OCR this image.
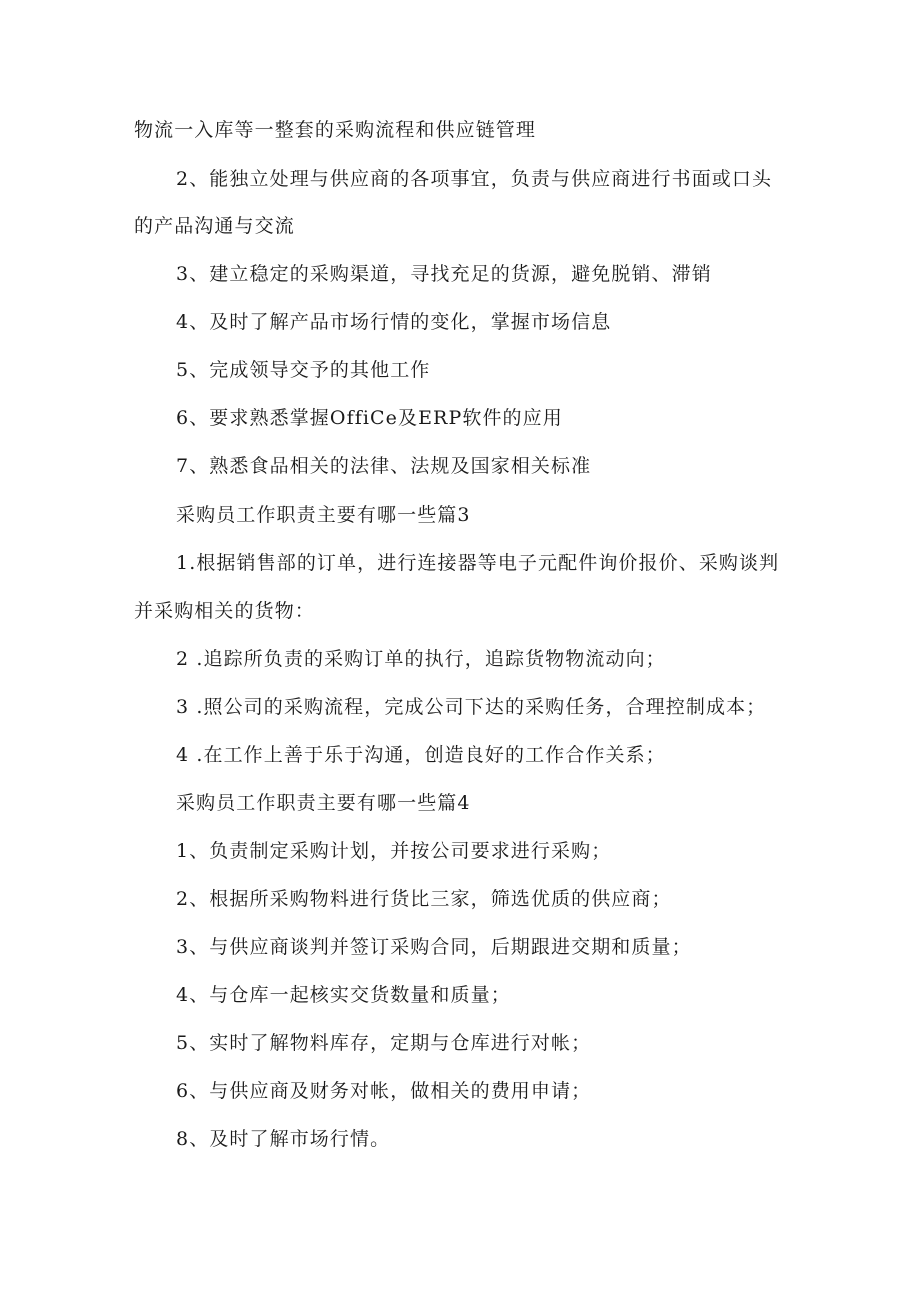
物流一入库等一整套的采购流程和供应链管理
2、能独立处理与供应商的各项事宜，负责与供应商进行书面或口头
的产品沟通与交流
3、建立稳定的采购渠道，寻找充足的货源，避免脱销、滞销
4、及时了解产品市场行情的变化，掌握市场信息
5、完成领导交予的其他工作
6、要求熟悉掌握OffiCe及ERP软件的应用
7、熟悉食品相关的法律、法规及国家相关标准
采购员工作职责主要有哪一些篇3
1.根据销售部的订单，进行连接器等电子元配件询价报价、采购谈判
并采购相关的货物：
2 .追踪所负责的采购订单的执行，追踪货物物流动向；
3 .照公司的采购流程，完成公司下达的采购任务，合理控制成本；
4 .在工作上善于乐于沟通，创造良好的工作合作关系；
采购员工作职责主要有哪一些篇4
1、负责制定采购计划，并按公司要求进行采购；
2、根据所采购物料进行货比三家，筛选优质的供应商；
3、与供应商谈判并签订采购合同，后期跟进交期和质量；
4、与仓库一起核实交货数量和质量；
5、实时了解物料库存，定期与仓库进行对帐；
6、与供应商及财务对帐，做相关的费用申请；
8、及时了解市场行情。
